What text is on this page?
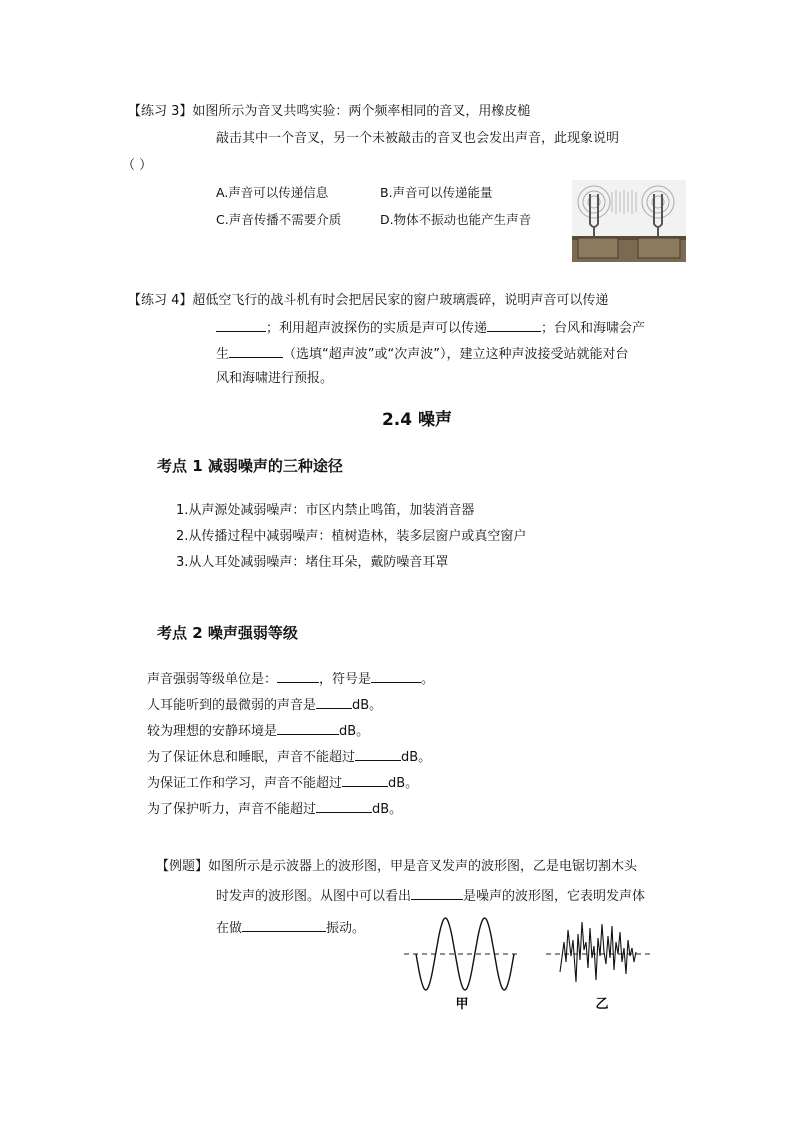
【练习 3】如图所示为音叉共鸣实验：两个频率相同的音叉，用橡皮槌
敲击其中一个音叉，另一个未被敲击的音叉也会发出声音，此现象说明
（ ）
A.声音可以传递信息	B.声音可以传递能量
C.声音传播不需要介质	D.物体不振动也能产生声音
【练习 4】超低空飞行的战斗机有时会把居民家的窗户玻璃震碎，说明声音可以传递
；利用超声波探伤的实质是声可以传递	；台风和海啸会产
生	（选填“超声波”或“次声波”），建立这种声波接受站就能对台
风和海啸进行预报。
2.4 噪声
考点 1 减弱噪声的三种途径
1.从声源处减弱噪声：市区内禁止鸣笛，加装消音器
2.从传播过程中减弱噪声：植树造林，装多层窗户或真空窗户
3.从人耳处减弱噪声：堵住耳朵，戴防噪音耳罩
考点 2 噪声强弱等级
声音强弱等级单位是：	，符号是	。
人耳能听到的最微弱的声音是	dB。
较为理想的安静环境是	dB。
为了保证休息和睡眠，声音不能超过	dB。
为保证工作和学习，声音不能超过	dB。
为了保护听力，声音不能超过	dB。
【例题】如图所示是示波器上的波形图，甲是音叉发声的波形图，乙是电锯切割木头
时发声的波形图。从图中可以看出	是噪声的波形图，它表明发声体
在做	振动。
甲	乙
